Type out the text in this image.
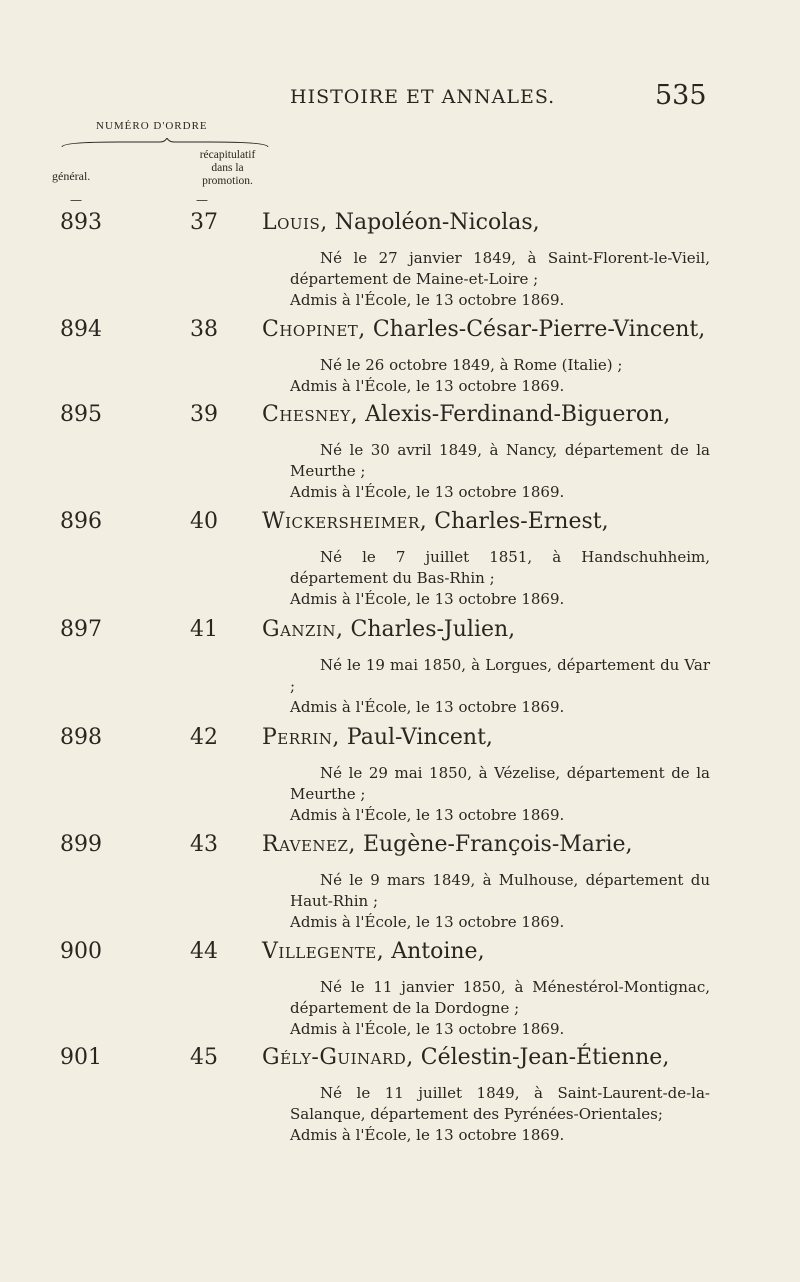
HISTOIRE ET ANNALES.	535
NUMÉRO D'ORDRE
général.
récapitulatif
dans la
promotion.
—	—
893	37 Louis, Napoléon-Nicolas,

Né le 27 janvier 1849, à Saint-Florent-le-Vieil, département de Maine-et-Loire ;

Admis à l'École, le 13 octobre 1869.

894	38 Chopinet, Charles-César-Pierre-Vincent,

Né le 26 octobre 1849, à Rome (Italie) ;

Admis à l'École, le 13 octobre 1869.

895	39 Chesney, Alexis-Ferdinand-Bigueron,

Né le 30 avril 1849, à Nancy, département de la Meurthe ;

Admis à l'École, le 13 octobre 1869.

896	40 Wickersheimer, Charles-Ernest,

Né le 7 juillet 1851, à Handschuhheim, département du Bas-Rhin ;

Admis à l'École, le 13 octobre 1869.

897	41 Ganzin, Charles-Julien,

Né le 19 mai 1850, à Lorgues, département du Var ;

Admis à l'École, le 13 octobre 1869.

898	42 Perrin, Paul-Vincent,

Né le 29 mai 1850, à Vézelise, département de la Meurthe ;

Admis à l'École, le 13 octobre 1869.

899	43 Ravenez, Eugène-François-Marie,

Né le 9 mars 1849, à Mulhouse, département du Haut-Rhin ;

Admis à l'École, le 13 octobre 1869.

900	44 Villegente, Antoine,

Né le 11 janvier 1850, à Ménestérol-Montignac, département de la Dordogne ;

Admis à l'École, le 13 octobre 1869.

901	45 Gély-Guinard, Célestin-Jean-Étienne,

Né le 11 juillet 1849, à Saint-Laurent-de-la-Salanque, département des Pyrénées-Orientales;

Admis à l'École, le 13 octobre 1869.
